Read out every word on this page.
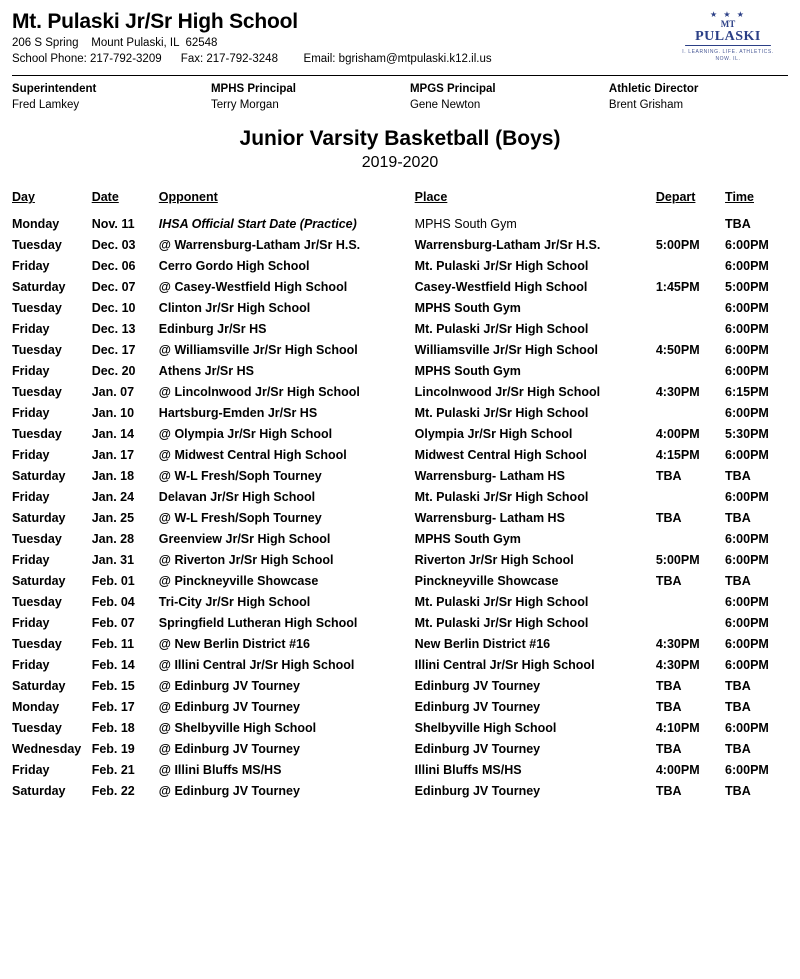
Mt. Pulaski Jr/Sr High School
206 S Spring    Mount Pulaski, IL  62548
School Phone: 217-792-3209      Fax: 217-792-3248        Email: bgrisham@mtpulaski.k12.il.us
★ ★ ★
MT
PULASKI
I. LEARNING. LIFE. ATHLETICS. NOW. IL.
Superintendent
Fred Lamkey
MPHS Principal
Terry Morgan
MPGS Principal
Gene Newton
Athletic Director
Brent Grisham
Junior Varsity Basketball (Boys)
2019-2020
Day	Date	Opponent	Place	Depart	Time
Monday	Nov. 11	IHSA Official Start Date (Practice)	MPHS South Gym		TBA
Tuesday	Dec. 03	@ Warrensburg-Latham Jr/Sr H.S.	Warrensburg-Latham Jr/Sr H.S.	5:00PM	6:00PM
Friday	Dec. 06	Cerro Gordo High School	Mt. Pulaski Jr/Sr High School		6:00PM
Saturday	Dec. 07	@ Casey-Westfield High School	Casey-Westfield High School	1:45PM	5:00PM
Tuesday	Dec. 10	Clinton Jr/Sr High School	MPHS South Gym		6:00PM
Friday	Dec. 13	Edinburg Jr/Sr HS	Mt. Pulaski Jr/Sr High School		6:00PM
Tuesday	Dec. 17	@ Williamsville Jr/Sr High School	Williamsville Jr/Sr High School	4:50PM	6:00PM
Friday	Dec. 20	Athens Jr/Sr HS	MPHS South Gym		6:00PM
Tuesday	Jan. 07	@ Lincolnwood Jr/Sr High School	Lincolnwood Jr/Sr High School	4:30PM	6:15PM
Friday	Jan. 10	Hartsburg-Emden Jr/Sr HS	Mt. Pulaski Jr/Sr High School		6:00PM
Tuesday	Jan. 14	@ Olympia Jr/Sr High School	Olympia Jr/Sr High School	4:00PM	5:30PM
Friday	Jan. 17	@ Midwest Central High School	Midwest Central High School	4:15PM	6:00PM
Saturday	Jan. 18	@ W-L Fresh/Soph Tourney	Warrensburg- Latham HS	TBA	TBA
Friday	Jan. 24	Delavan Jr/Sr High School	Mt. Pulaski Jr/Sr High School		6:00PM
Saturday	Jan. 25	@ W-L Fresh/Soph Tourney	Warrensburg- Latham HS	TBA	TBA
Tuesday	Jan. 28	Greenview Jr/Sr High School	MPHS South Gym		6:00PM
Friday	Jan. 31	@ Riverton Jr/Sr High School	Riverton Jr/Sr High School	5:00PM	6:00PM
Saturday	Feb. 01	@ Pinckneyville Showcase	Pinckneyville Showcase	TBA	TBA
Tuesday	Feb. 04	Tri-City Jr/Sr High School	Mt. Pulaski Jr/Sr High School		6:00PM
Friday	Feb. 07	Springfield Lutheran High School	Mt. Pulaski Jr/Sr High School		6:00PM
Tuesday	Feb. 11	@ New Berlin District #16	New Berlin District #16	4:30PM	6:00PM
Friday	Feb. 14	@ Illini Central Jr/Sr High School	Illini Central Jr/Sr High School	4:30PM	6:00PM
Saturday	Feb. 15	@ Edinburg JV Tourney	Edinburg JV Tourney	TBA	TBA
Monday	Feb. 17	@ Edinburg JV Tourney	Edinburg JV Tourney	TBA	TBA
Tuesday	Feb. 18	@ Shelbyville High School	Shelbyville High School	4:10PM	6:00PM
Wednesday	Feb. 19	@ Edinburg JV Tourney	Edinburg JV Tourney	TBA	TBA
Friday	Feb. 21	@ Illini Bluffs MS/HS	Illini Bluffs MS/HS	4:00PM	6:00PM
Saturday	Feb. 22	@ Edinburg JV Tourney	Edinburg JV Tourney	TBA	TBA
